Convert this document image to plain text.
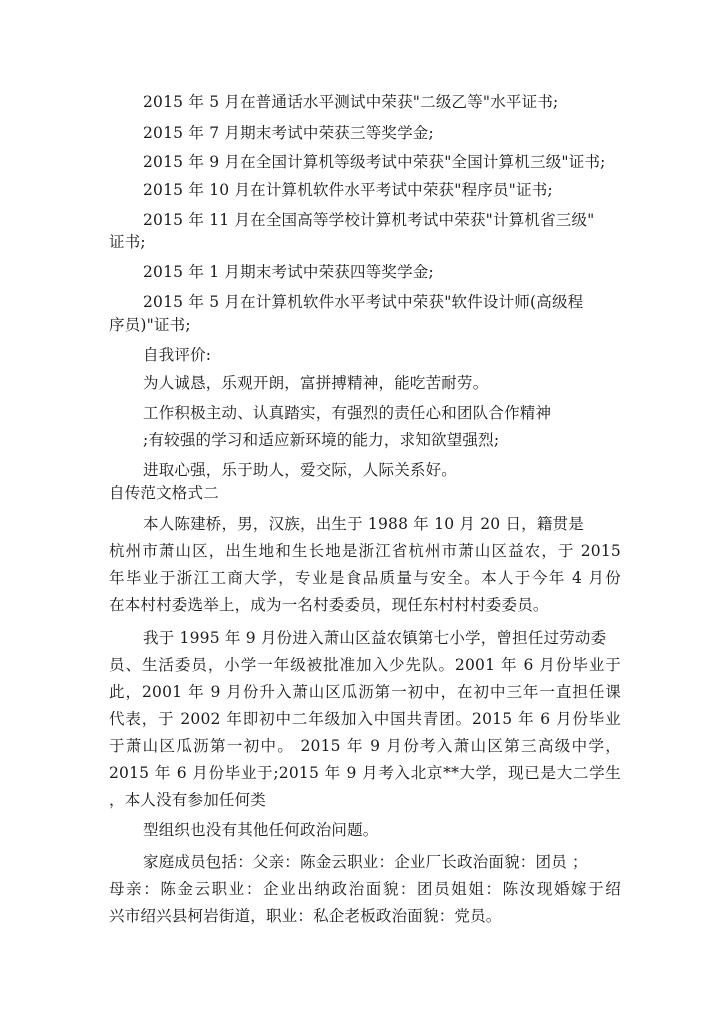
2015 年 5 月在普通话水平测试中荣获"二级乙等"水平证书;
2015 年 7 月期末考试中荣获三等奖学金;
2015 年 9 月在全国计算机等级考试中荣获"全国计算机三级"证书;
2015 年 10 月在计算机软件水平考试中荣获"程序员"证书;
2015 年 11 月在全国高等学校计算机考试中荣获"计算机省三级"
证书;
2015 年 1 月期末考试中荣获四等奖学金;
2015 年 5 月在计算机软件水平考试中荣获"软件设计师(高级程
序员)"证书;
自我评价:
为人诚恳，乐观开朗，富拼搏精神，能吃苦耐劳。
工作积极主动、认真踏实，有强烈的责任心和团队合作精神
;有较强的学习和适应新环境的能力，求知欲望强烈;
进取心强，乐于助人，爱交际，人际关系好。
自传范文格式二
本人陈建桥，男，汉族，出生于 1988 年 10 月 20 日，籍贯是
杭州市萧山区，出生地和生长地是浙江省杭州市萧山区益农，于 2015
年毕业于浙江工商大学，专业是食品质量与安全。本人于今年 4 月份
在本村村委选举上，成为一名村委委员，现任东村村村委委员。
我于 1995 年 9 月份进入萧山区益农镇第七小学，曾担任过劳动委
员、生活委员，小学一年级被批准加入少先队。2001 年 6 月份毕业于
此，2001 年 9 月份升入萧山区瓜沥第一初中，在初中三年一直担任课
代表，于 2002 年即初中二年级加入中国共青团。2015 年 6 月份毕业
于萧山区瓜沥第一初中。 2015 年 9 月份考入萧山区第三高级中学，
2015 年 6 月份毕业于;2015 年 9 月考入北京**大学，现已是大二学生
，本人没有参加任何类
型组织也没有其他任何政治问题。
家庭成员包括：父亲：陈金云职业：企业厂长政治面貌：团员 ；
母亲：陈金云职业：企业出纳政治面貌：团员姐姐：陈汝现婚嫁于绍
兴市绍兴县柯岩街道，职业：私企老板政治面貌：党员。
